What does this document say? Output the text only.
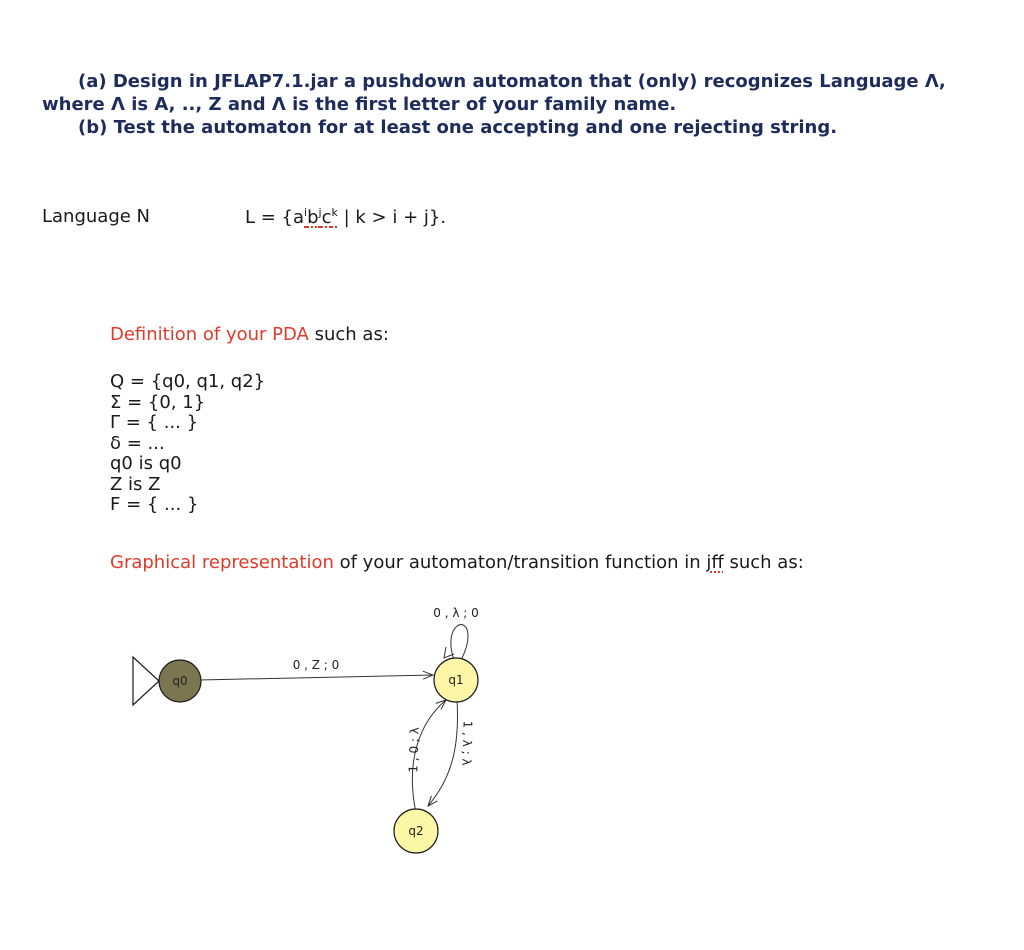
(a) Design in JFLAP7.1.jar a pushdown automaton that (only) recognizes Language Λ,
where Λ is A, .., Z and Λ is the first letter of your family name.
(b) Test the automaton for at least one accepting and one rejecting string.
Language N	$L = \{a^ib^jc^k$ | k > i + j}.
Definition of your PDA such as:
Q = {q0, q1, q2}
Σ = {0, 1}
Γ = { ... }
δ = ...
q0 is q0
Z is Z
F = { ... }
Graphical representation of your automaton/transition function in jff such as:
0 , Z ; 0
0 , λ ; 0
1 , 0 ; λ	1 , λ ; λ
q0	q1
q2
